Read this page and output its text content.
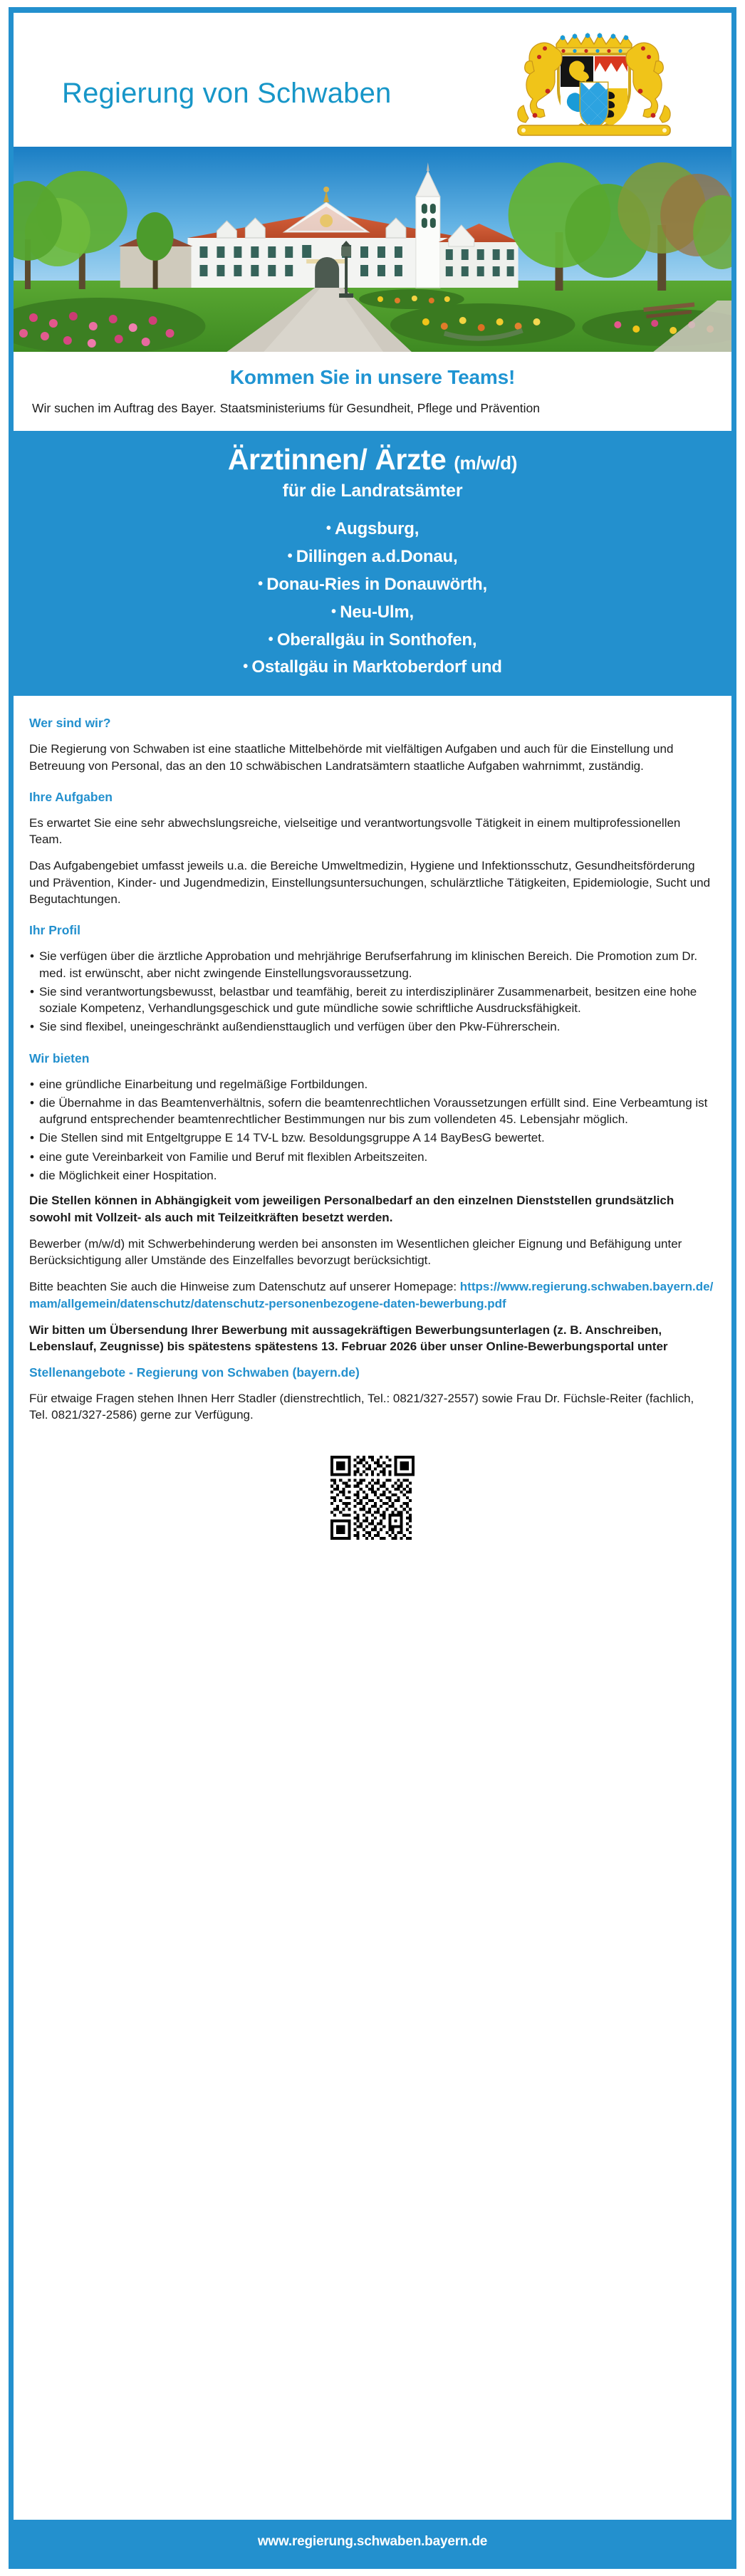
Regierung von Schwaben
Kommen Sie in unsere Teams!

Wir suchen im Auftrag des Bayer. Staatsministeriums für Gesundheit, Pflege und Prävention

Ärztinnen/ Ärzte (m/w/d)
für die Landratsämter
• Augsburg,
• Dillingen a.d.Donau,
• Donau-Ries in Donauwörth,
• Neu-Ulm,
• Oberallgäu in Sonthofen,
• Ostallgäu in Marktoberdorf und
Wer sind wir?

Die Regierung von Schwaben ist eine staatliche Mittelbehörde mit vielfältigen Aufgaben und auch für die Einstellung und Betreuung von Personal, das an den 10 schwäbischen Landratsämtern staatliche Aufgaben wahrnimmt, zuständig.

Ihre Aufgaben

Es erwartet Sie eine sehr abwechslungsreiche, vielseitige und verantwortungsvolle Tätigkeit in einem multiprofessionellen Team.

Das Aufgabengebiet umfasst jeweils u.a. die Bereiche Umweltmedizin, Hygiene und Infektionsschutz, Gesundheitsförderung und Prävention, Kinder- und Jugendmedizin, Einstellungsuntersuchungen, schulärztliche Tätigkeiten, Epidemiologie, Sucht und Begutachtungen.

Ihr Profil
• Sie verfügen über die ärztliche Approbation und mehrjährige Berufserfahrung im klinischen Bereich. Die Promotion zum Dr. med. ist erwünscht, aber nicht zwingende Einstellungsvoraussetzung.
• Sie sind verantwortungsbewusst, belastbar und teamfähig, bereit zu interdisziplinärer Zusammenarbeit, besitzen eine hohe soziale Kompetenz, Verhandlungsgeschick und gute mündliche sowie schriftliche Ausdrucksfähigkeit.
• Sie sind flexibel, uneingeschränkt außendiensttauglich und verfügen über den Pkw-Führerschein.
Wir bieten
• eine gründliche Einarbeitung und regelmäßige Fortbildungen.
• die Übernahme in das Beamtenverhältnis, sofern die beamtenrechtlichen Voraussetzungen erfüllt sind. Eine Verbeamtung ist aufgrund entsprechender beamtenrechtlicher Bestimmungen nur bis zum vollendeten 45. Lebensjahr möglich.
• Die Stellen sind mit Entgeltgruppe E 14 TV-L bzw. Besoldungsgruppe A 14 BayBesG bewertet.
• eine gute Vereinbarkeit von Familie und Beruf mit flexiblen Arbeitszeiten.
• die Möglichkeit einer Hospitation.

Die Stellen können in Abhängigkeit vom jeweiligen Personalbedarf an den einzelnen Dienststellen grundsätzlich sowohl mit Vollzeit- als auch mit Teilzeitkräften besetzt werden.

Bewerber (m/w/d) mit Schwerbehinderung werden bei ansonsten im Wesentlichen gleicher Eignung und Befähigung unter Berücksichtigung aller Umstände des Einzelfalles bevorzugt berücksichtigt.

Bitte beachten Sie auch die Hinweise zum Datenschutz auf unserer Homepage: https://www.regierung.schwaben.bayern.de/mam/allgemein/datenschutz/datenschutz-personenbezogene-daten-bewerbung.pdf

Wir bitten um Übersendung Ihrer Bewerbung mit aussagekräftigen Bewerbungsunterlagen (z. B. Anschreiben, Lebenslauf, Zeugnisse) bis spätestens spätestens 13. Februar 2026 über unser Online-Bewerbungsportal unter

Stellenangebote - Regierung von Schwaben (bayern.de)

Für etwaige Fragen stehen Ihnen Herr Stadler (dienstrechtlich, Tel.: 0821/327-2557) sowie Frau Dr. Füchsle-Reiter (fachlich, Tel. 0821/327-2586) gerne zur Verfügung.

www.regierung.schwaben.bayern.de
